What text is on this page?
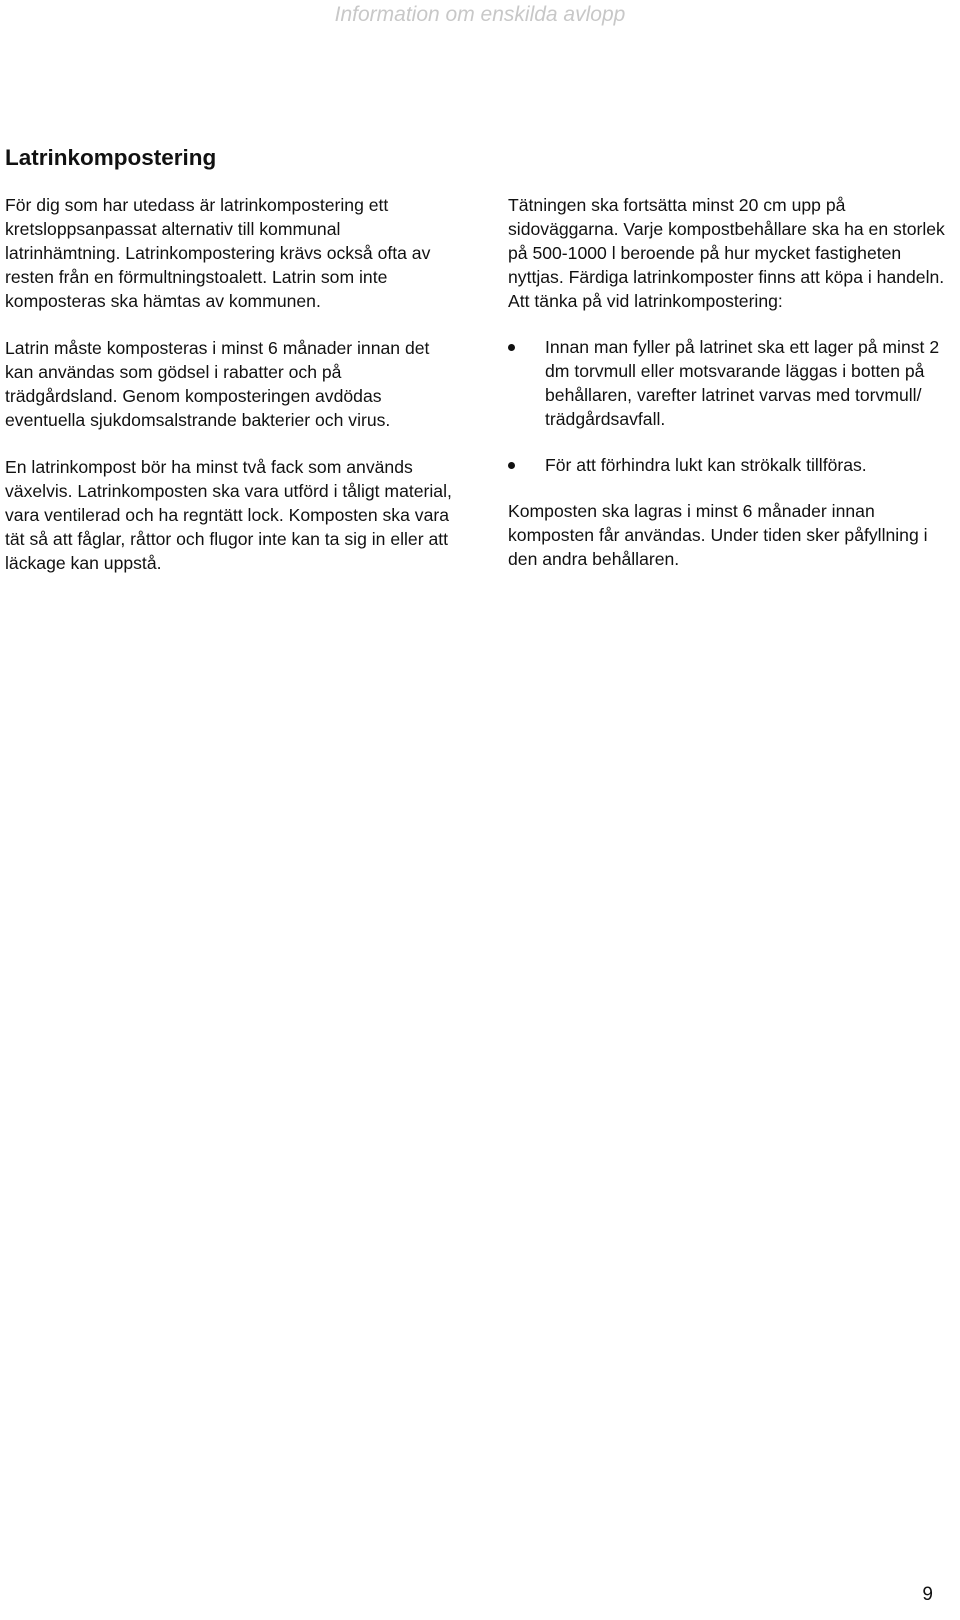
Information om enskilda avlopp
Latrinkompostering

För dig som har utedass är latrinkompostering ett kretsloppsanpassat alternativ till kommunal latrinhämtning. Latrinkompostering krävs också ofta av resten från en förmultningstoalett. Latrin som inte komposteras ska hämtas av kommunen.

Latrin måste komposteras i minst 6 månader innan det kan användas som gödsel i rabatter och på trädgårdsland. Genom komposteringen avdödas eventuella sjukdomsalstrande bakterier och virus.

En latrinkompost bör ha minst två fack som används växelvis. Latrinkomposten ska vara utförd i tåligt material, vara ventilerad och ha regntätt lock. Komposten ska vara tät så att fåglar, råttor och flugor inte kan ta sig in eller att läckage kan uppstå.

Tätningen ska fortsätta minst 20 cm upp på sidoväggarna. Varje kompostbehållare ska ha en storlek på 500-1000 l beroende på hur mycket fastigheten nyttjas. Färdiga latrinkomposter finns att köpa i handeln. Att tänka på vid latrinkompostering:

Innan man fyller på latrinet ska ett lager på minst 2 dm torvmull eller motsvarande läggas i botten på behållaren, varefter latrinet varvas med torvmull/ trädgårdsavfall.
För att förhindra lukt kan strökalk tillföras.

Komposten ska lagras i minst 6 månader innan komposten får användas. Under tiden sker påfyllning i den andra behållaren.

9
